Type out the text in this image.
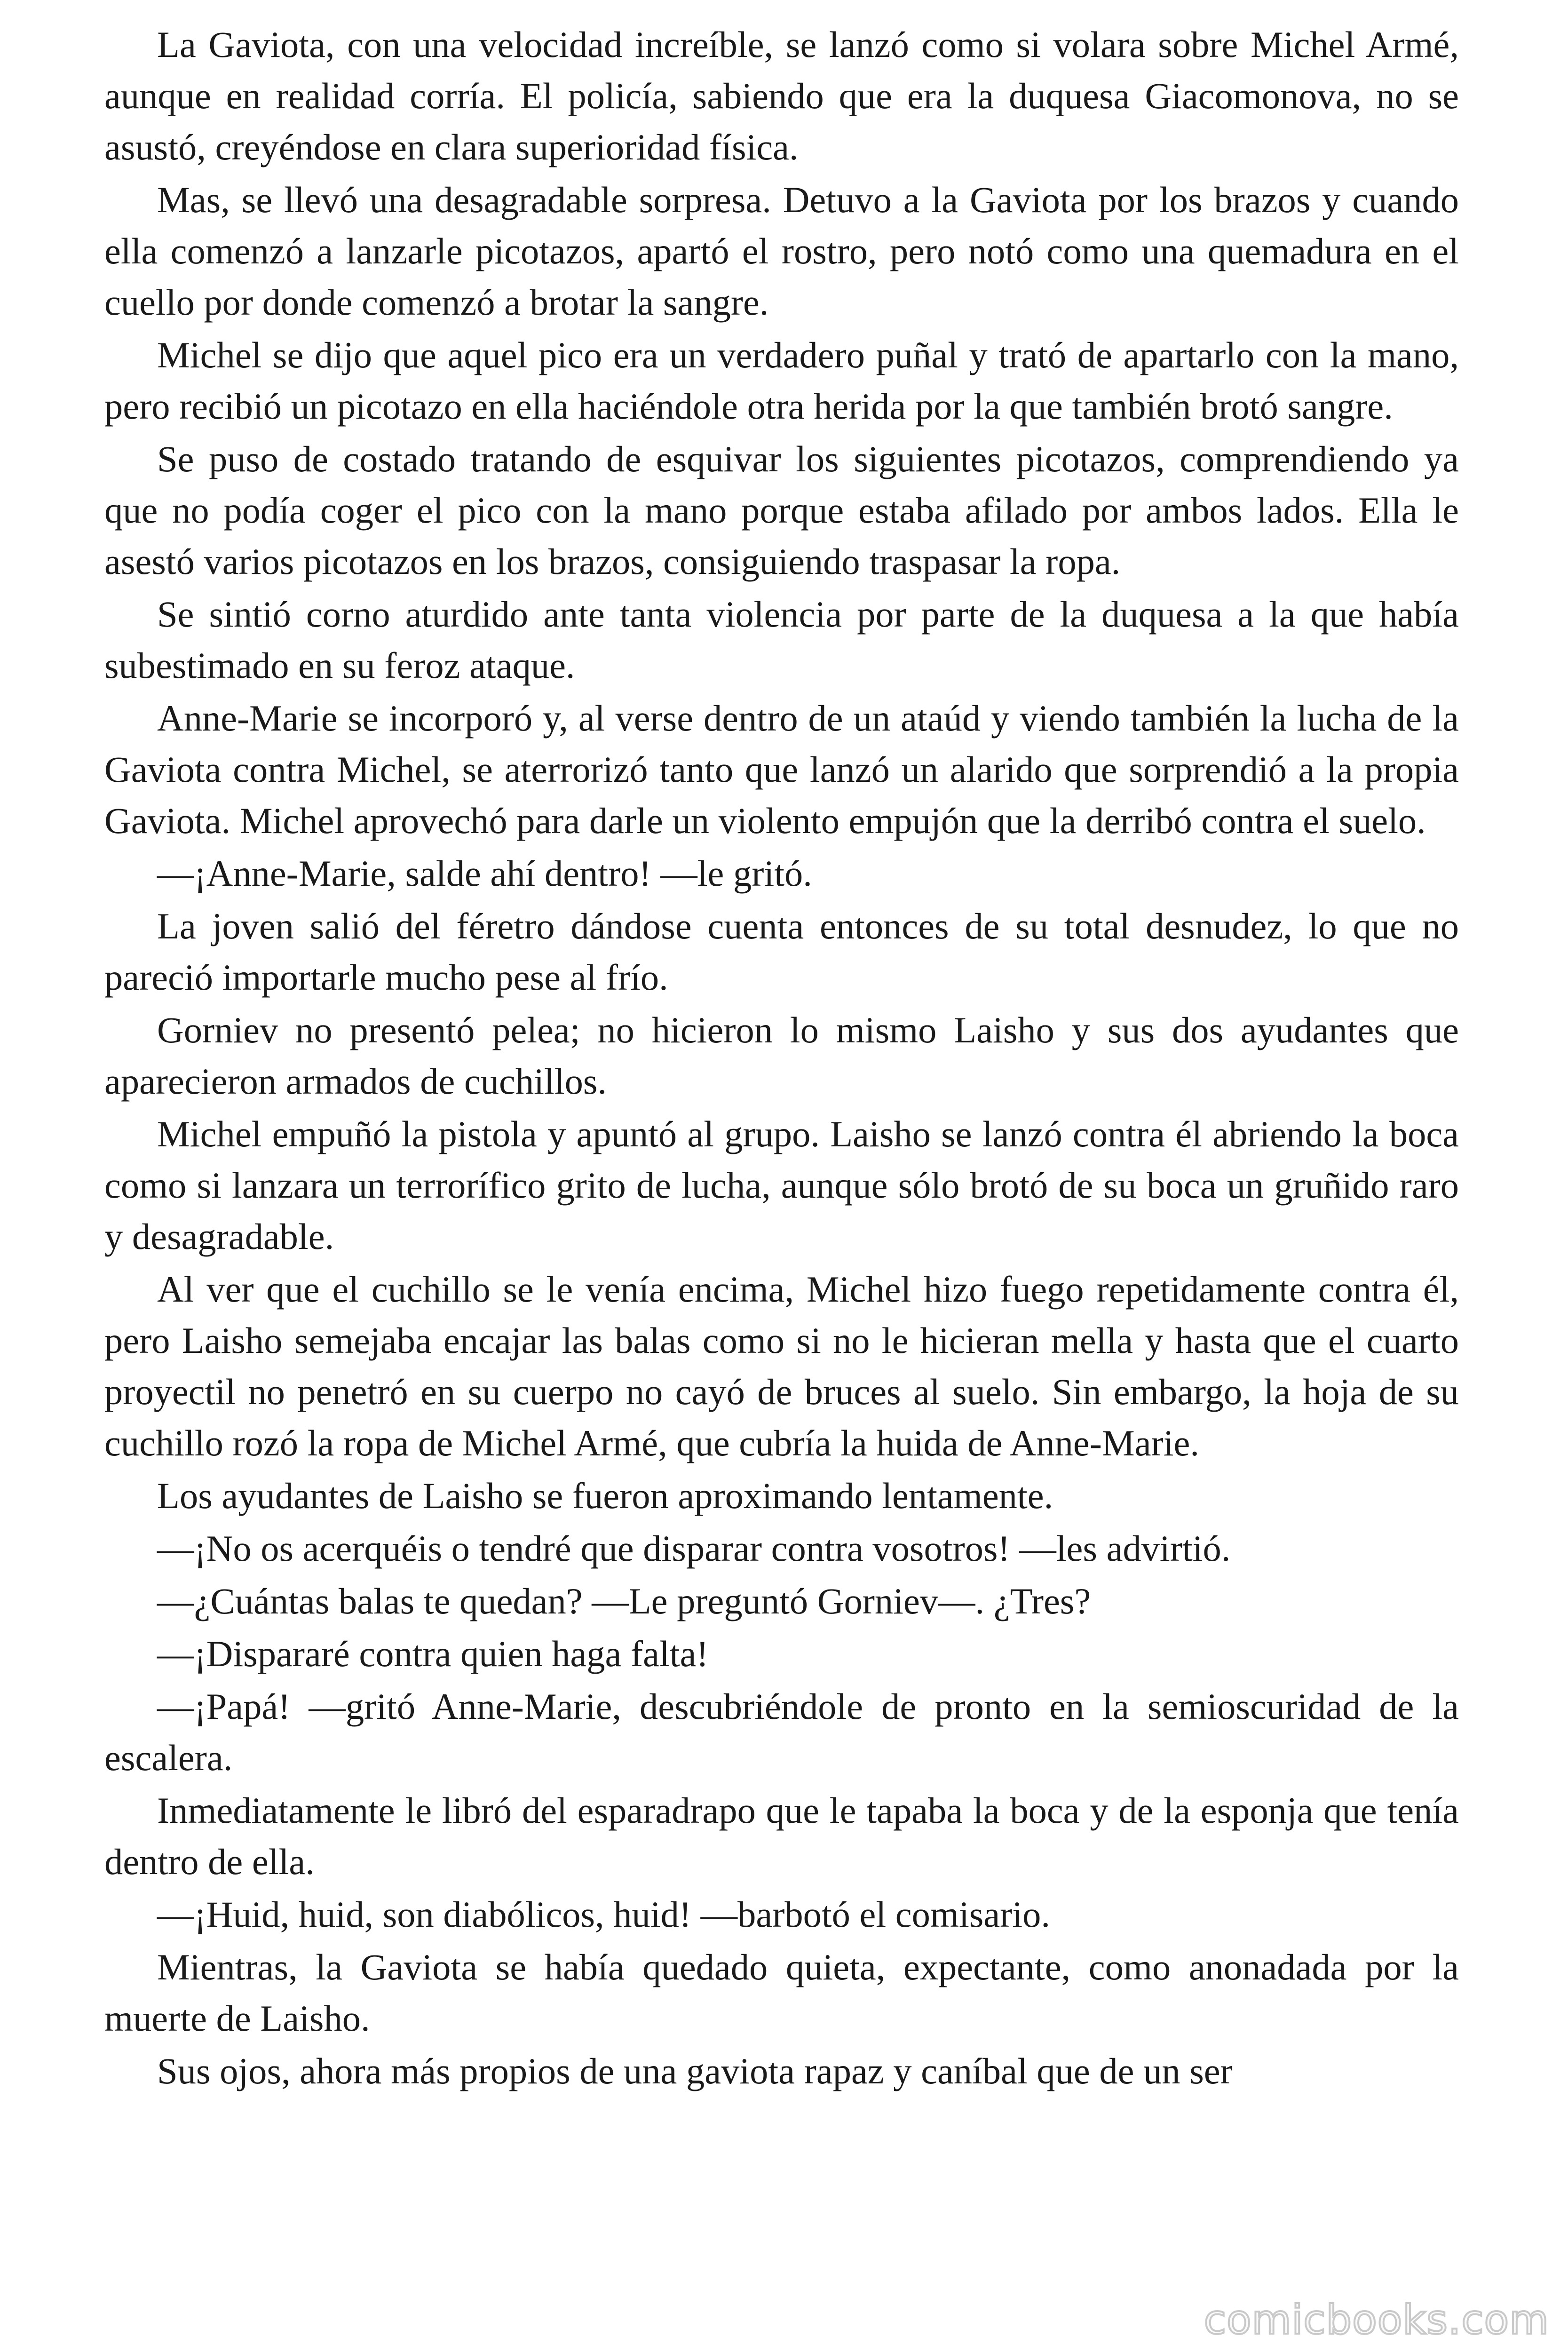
La Gaviota, con una velocidad increíble, se lanzó como si volara sobre Michel Armé, aunque en realidad corría. El policía, sabiendo que era la duquesa Giacomonova, no se asustó, creyéndose en clara superioridad física.

Mas, se llevó una desagradable sorpresa. Detuvo a la Gaviota por los brazos y cuando ella comenzó a lanzarle picotazos, apartó el rostro, pero notó como una quemadura en el cuello por donde comenzó a brotar la sangre.

Michel se dijo que aquel pico era un verdadero puñal y trató de apartarlo con la mano, pero recibió un picotazo en ella haciéndole otra herida por la que también brotó sangre.

Se puso de costado tratando de esquivar los siguientes picotazos, comprendiendo ya que no podía coger el pico con la mano porque estaba afilado por ambos lados. Ella le asestó varios picotazos en los brazos, consiguiendo traspasar la ropa.

Se sintió corno aturdido ante tanta violencia por parte de la duquesa a la que había subestimado en su feroz ataque.

Anne-Marie se incorporó y, al verse dentro de un ataúd y viendo también la lucha de la Gaviota contra Michel, se aterrorizó tanto que lanzó un alarido que sorprendió a la propia Gaviota. Michel aprovechó para darle un violento empujón que la derribó contra el suelo.

—¡Anne-Marie, salde ahí dentro! —le gritó.

La joven salió del féretro dándose cuenta entonces de su total desnudez, lo que no pareció importarle mucho pese al frío.

Gorniev no presentó pelea; no hicieron lo mismo Laisho y sus dos ayudantes que aparecieron armados de cuchillos.

Michel empuñó la pistola y apuntó al grupo. Laisho se lanzó contra él abriendo la boca como si lanzara un terrorífico grito de lucha, aunque sólo brotó de su boca un gruñido raro y desagradable.

Al ver que el cuchillo se le venía encima, Michel hizo fuego repetidamente contra él, pero Laisho semejaba encajar las balas como si no le hicieran mella y hasta que el cuarto proyectil no penetró en su cuerpo no cayó de bruces al suelo. Sin embargo, la hoja de su cuchillo rozó la ropa de Michel Armé, que cubría la huida de Anne-Marie.

Los ayudantes de Laisho se fueron aproximando lentamente.

—¡No os acerquéis o tendré que disparar contra vosotros! —les advirtió.

—¿Cuántas balas te quedan? —Le preguntó Gorniev—. ¿Tres?

—¡Dispararé contra quien haga falta!

—¡Papá! —gritó Anne-Marie, descubriéndole de pronto en la semioscuridad de la escalera.

Inmediatamente le libró del esparadrapo que le tapaba la boca y de la esponja que tenía dentro de ella.

—¡Huid, huid, son diabólicos, huid! —barbotó el comisario.

Mientras, la Gaviota se había quedado quieta, expectante, como anonadada por la muerte de Laisho.

Sus ojos, ahora más propios de una gaviota rapaz y caníbal que de un ser

comicbooks.com
